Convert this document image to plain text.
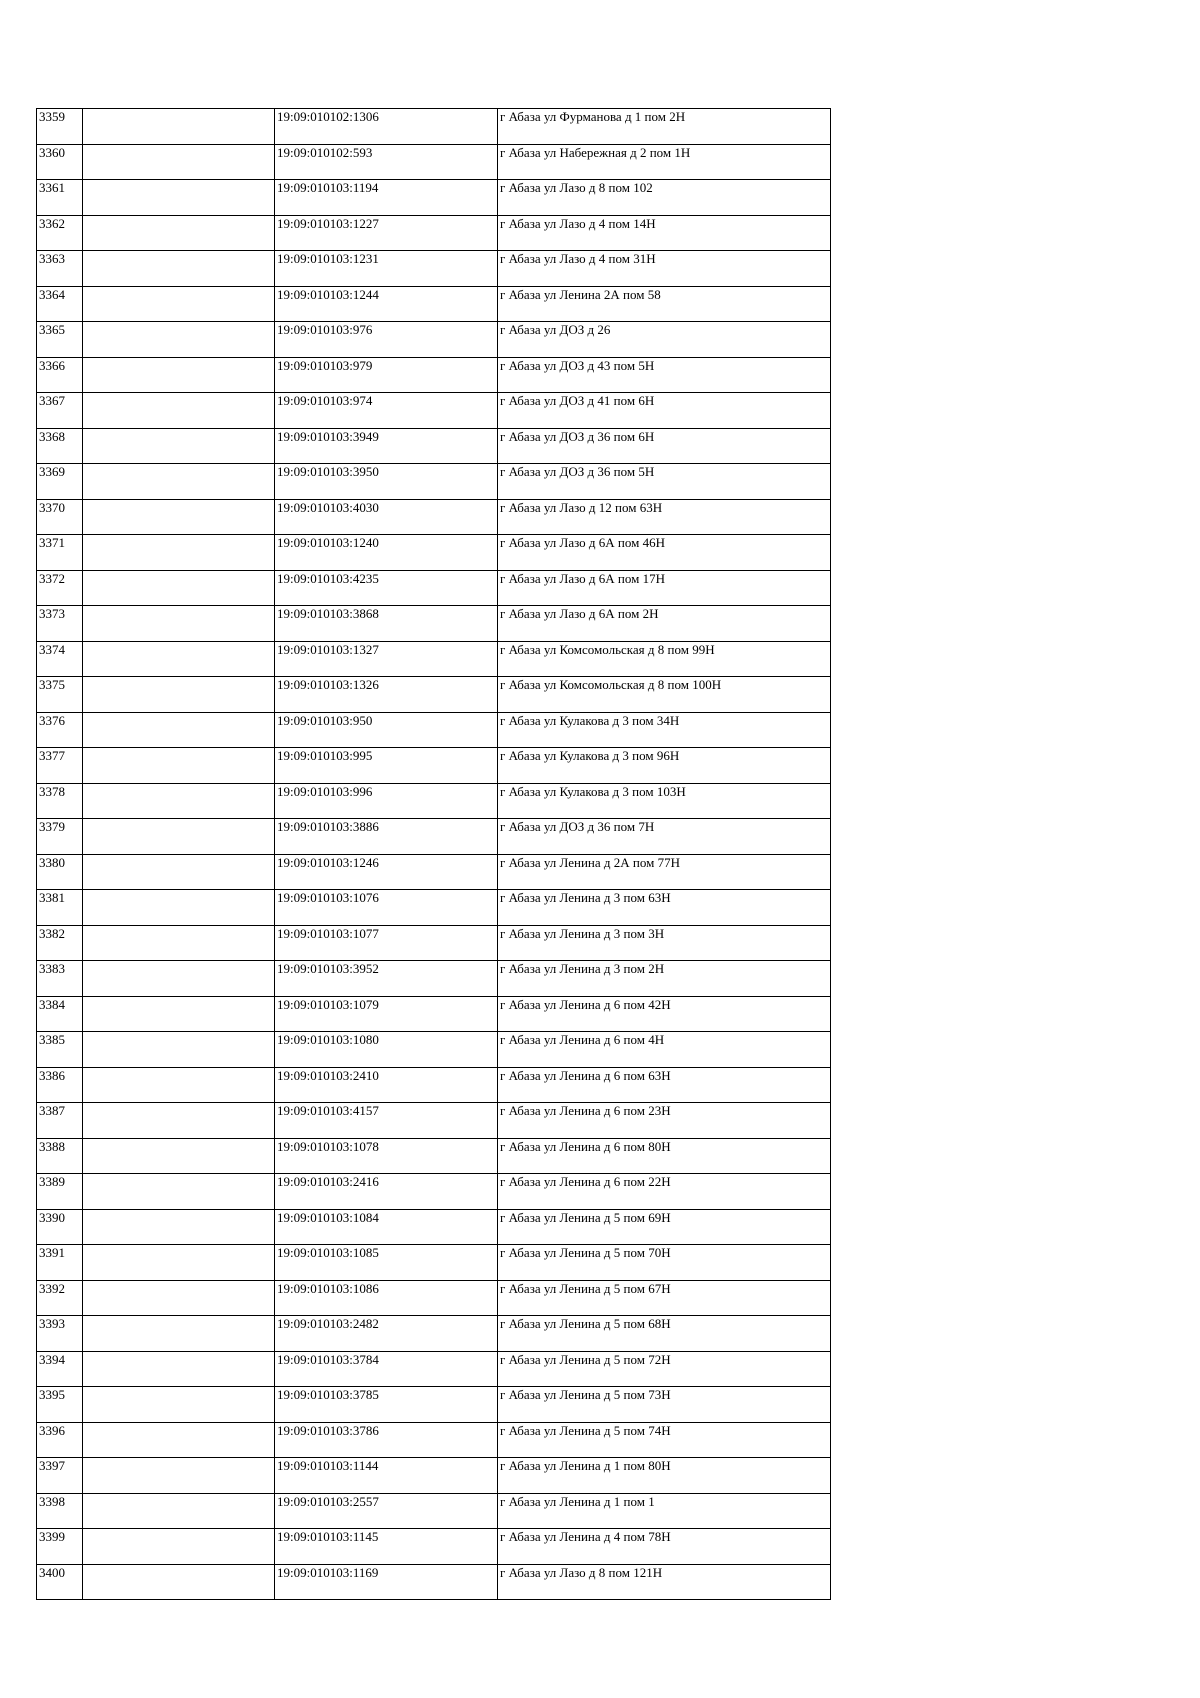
3359		19:09:010102:1306	г Абаза ул Фурманова д 1 пом 2Н
3360		19:09:010102:593	г Абаза ул Набережная д 2 пом 1Н
3361		19:09:010103:1194	г Абаза ул Лазо д 8 пом 102
3362		19:09:010103:1227	г Абаза ул Лазо д 4 пом 14Н
3363		19:09:010103:1231	г Абаза ул Лазо д 4 пом 31Н
3364		19:09:010103:1244	г Абаза ул Ленина 2А пом 58
3365		19:09:010103:976	г Абаза ул ДОЗ д 26
3366		19:09:010103:979	г Абаза ул ДОЗ д 43 пом 5Н
3367		19:09:010103:974	г Абаза ул ДОЗ д 41 пом 6Н
3368		19:09:010103:3949	г Абаза ул ДОЗ д 36 пом 6Н
3369		19:09:010103:3950	г Абаза ул ДОЗ д 36 пом 5Н
3370		19:09:010103:4030	г Абаза ул Лазо д 12 пом 63Н
3371		19:09:010103:1240	г Абаза ул Лазо д 6А пом 46Н
3372		19:09:010103:4235	г Абаза ул Лазо д 6А пом 17Н
3373		19:09:010103:3868	г Абаза ул Лазо д 6А пом 2Н
3374		19:09:010103:1327	г Абаза ул Комсомольская д 8 пом 99Н
3375		19:09:010103:1326	г Абаза ул Комсомольская д 8 пом 100Н
3376		19:09:010103:950	г Абаза ул Кулакова д 3 пом 34Н
3377		19:09:010103:995	г Абаза ул Кулакова д 3 пом 96Н
3378		19:09:010103:996	г Абаза ул Кулакова д 3 пом 103Н
3379		19:09:010103:3886	г Абаза ул ДОЗ д 36 пом 7Н
3380		19:09:010103:1246	г Абаза ул Ленина д 2А пом 77Н
3381		19:09:010103:1076	г Абаза ул Ленина д 3 пом 63Н
3382		19:09:010103:1077	г Абаза ул Ленина д 3 пом 3Н
3383		19:09:010103:3952	г Абаза ул Ленина д 3 пом 2Н
3384		19:09:010103:1079	г Абаза ул Ленина д 6 пом 42Н
3385		19:09:010103:1080	г Абаза ул Ленина д 6 пом 4Н
3386		19:09:010103:2410	г Абаза ул Ленина д 6 пом 63Н
3387		19:09:010103:4157	г Абаза ул Ленина д 6 пом 23Н
3388		19:09:010103:1078	г Абаза ул Ленина д 6 пом 80Н
3389		19:09:010103:2416	г Абаза ул Ленина д 6 пом 22Н
3390		19:09:010103:1084	г Абаза ул Ленина д 5 пом 69Н
3391		19:09:010103:1085	г Абаза ул Ленина д 5 пом 70Н
3392		19:09:010103:1086	г Абаза ул Ленина д 5 пом 67Н
3393		19:09:010103:2482	г Абаза ул Ленина д 5 пом 68Н
3394		19:09:010103:3784	г Абаза ул Ленина д 5 пом 72Н
3395		19:09:010103:3785	г Абаза ул Ленина д 5 пом 73Н
3396		19:09:010103:3786	г Абаза ул Ленина д 5 пом 74Н
3397		19:09:010103:1144	г Абаза ул Ленина д 1 пом 80Н
3398		19:09:010103:2557	г Абаза ул Ленина д 1 пом 1
3399		19:09:010103:1145	г Абаза ул Ленина д 4 пом 78Н
3400		19:09:010103:1169	г Абаза ул Лазо д 8 пом 121Н
